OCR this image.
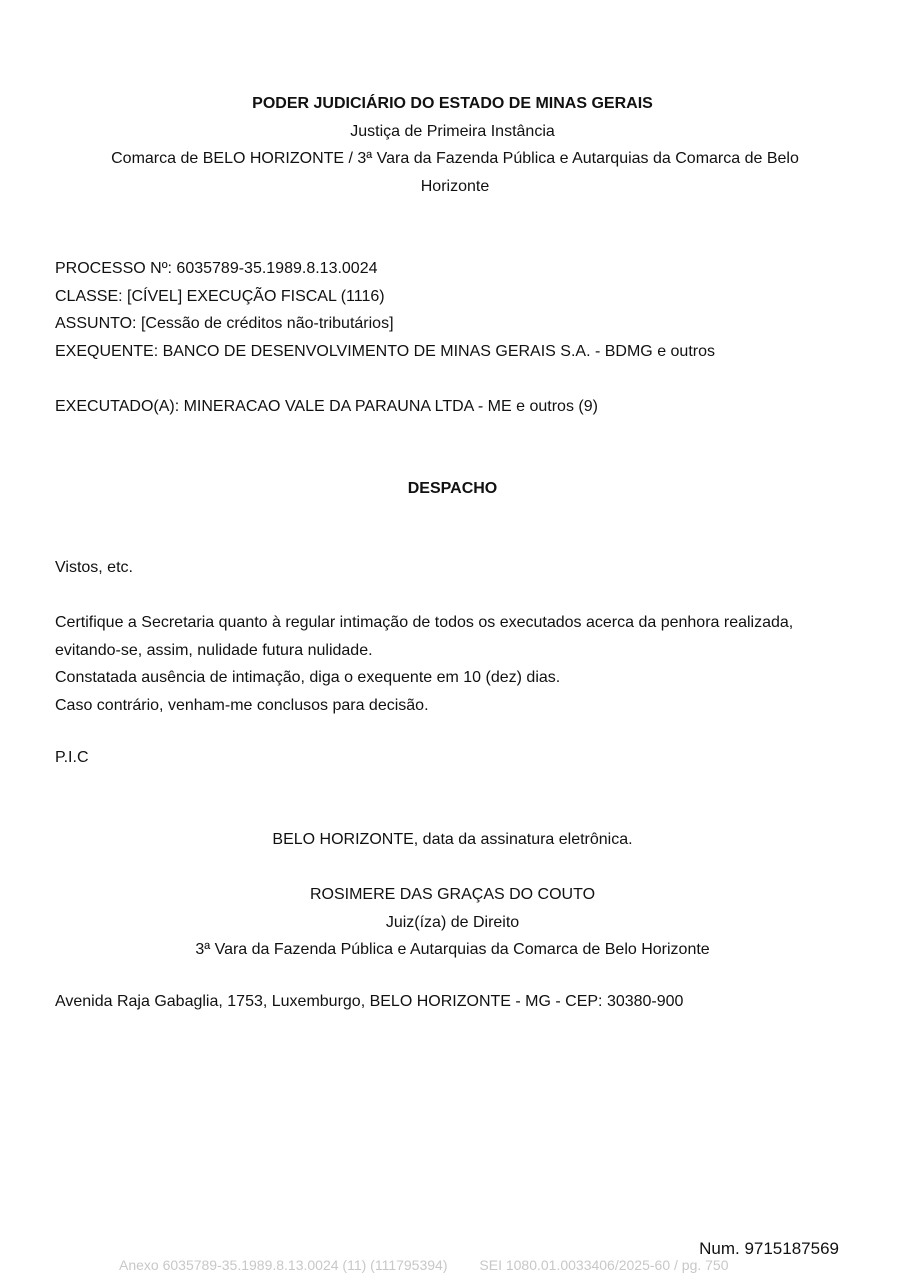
PODER JUDICIÁRIO DO ESTADO DE MINAS GERAIS
Justiça de Primeira Instância
Comarca de BELO HORIZONTE / 3ª Vara da Fazenda Pública e Autarquias da Comarca de Belo Horizonte
PROCESSO Nº: 6035789-35.1989.8.13.0024
CLASSE: [CÍVEL] EXECUÇÃO FISCAL (1116)
ASSUNTO: [Cessão de créditos não-tributários]
EXEQUENTE: BANCO DE DESENVOLVIMENTO DE MINAS GERAIS S.A. - BDMG e outros
EXECUTADO(A): MINERACAO VALE DA PARAUNA LTDA - ME e outros (9)
DESPACHO
Vistos, etc.
Certifique a Secretaria quanto à regular intimação de todos os executados acerca da penhora realizada, evitando-se, assim, nulidade futura nulidade.
Constatada ausência de intimação, diga o exequente em 10 (dez) dias.
Caso contrário, venham-me conclusos para decisão.
P.I.C
BELO HORIZONTE, data da assinatura eletrônica.
ROSIMERE DAS GRAÇAS DO COUTO
Juiz(íza) de Direito
3ª Vara da Fazenda Pública e Autarquias da Comarca de Belo Horizonte
Avenida Raja Gabaglia, 1753, Luxemburgo, BELO HORIZONTE - MG - CEP: 30380-900
Num. 9715187569
Anexo 6035789-35.1989.8.13.0024 (11) (111795394) SEI 1080.01.0033406/2025-60 / pg. 750
